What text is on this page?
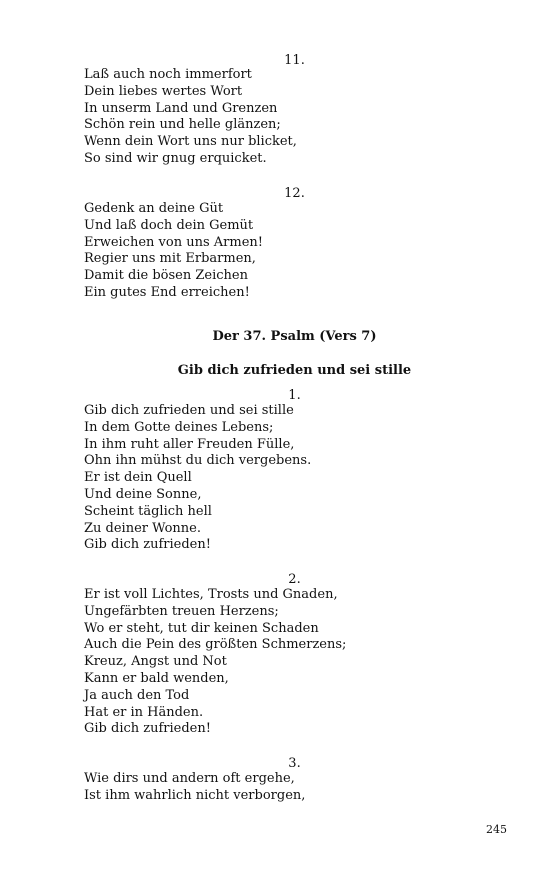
11.
Laß auch noch immerfort
Dein liebes wertes Wort
In unserm Land und Grenzen
Schön rein und helle glänzen;
Wenn dein Wort uns nur blicket,
So sind wir gnug erquicket.
12.
Gedenk an deine Güt
Und laß doch dein Gemüt
Erweichen von uns Armen!
Regier uns mit Erbarmen,
Damit die bösen Zeichen
Ein gutes End erreichen!
Der 37. Psalm (Vers 7)
Gib dich zufrieden und sei stille
1.
Gib dich zufrieden und sei stille
In dem Gotte deines Lebens;
In ihm ruht aller Freuden Fülle,
Ohn ihn mühst du dich vergebens.
Er ist dein Quell
Und deine Sonne,
Scheint täglich hell
Zu deiner Wonne.
Gib dich zufrieden!
2.
Er ist voll Lichtes, Trosts und Gnaden,
Ungefärbten treuen Herzens;
Wo er steht, tut dir keinen Schaden
Auch die Pein des größten Schmerzens;
Kreuz, Angst und Not
Kann er bald wenden,
Ja auch den Tod
Hat er in Händen.
Gib dich zufrieden!
3.
Wie dirs und andern oft ergehe,
Ist ihm wahrlich nicht verborgen,
245
